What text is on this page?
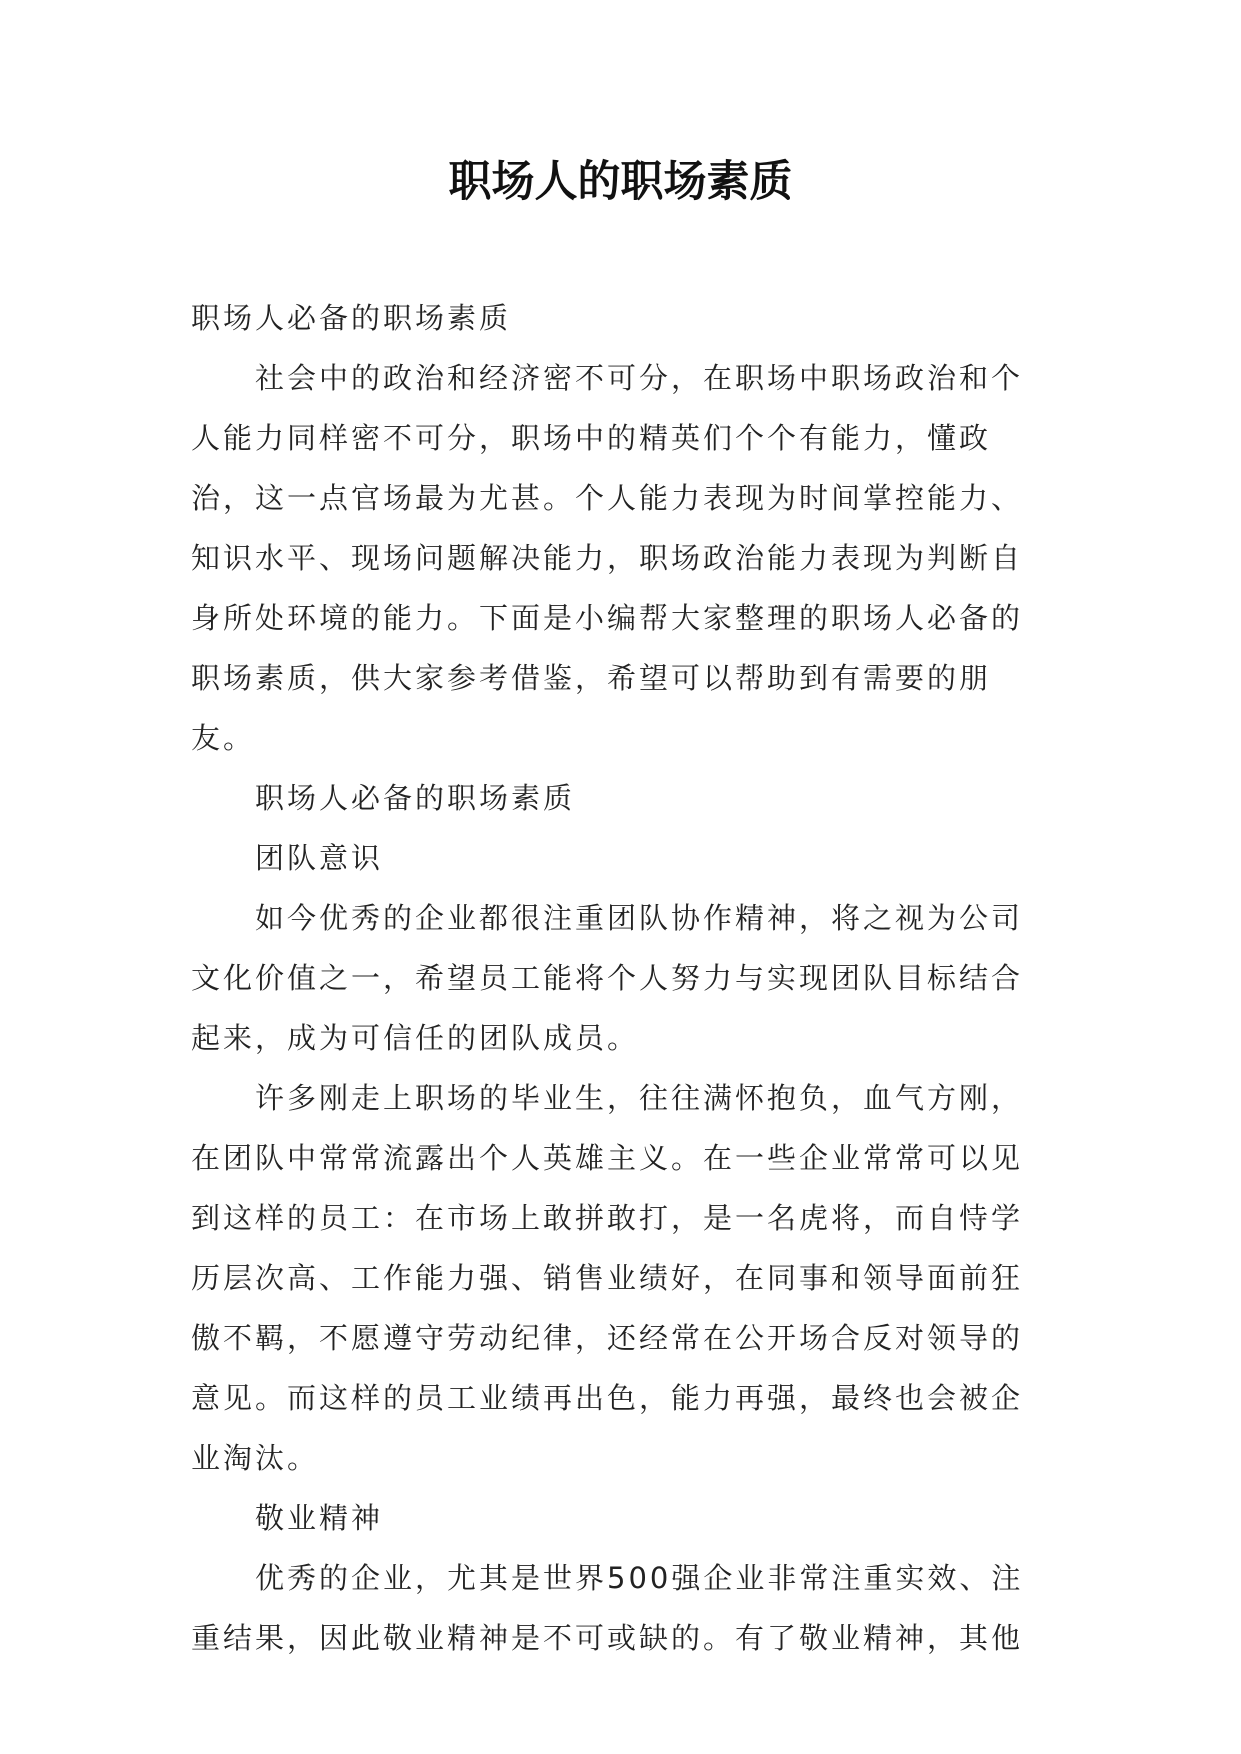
职场人的职场素质

职场人必备的职场素质

社会中的政治和经济密不可分，在职场中职场政治和个人能力同样密不可分，职场中的精英们个个有能力，懂政治，这一点官场最为尤甚。个人能力表现为时间掌控能力、知识水平、现场问题解决能力，职场政治能力表现为判断自身所处环境的能力。下面是小编帮大家整理的职场人必备的职场素质，供大家参考借鉴，希望可以帮助到有需要的朋友。

职场人必备的职场素质

团队意识

如今优秀的企业都很注重团队协作精神，将之视为公司文化价值之一，希望员工能将个人努力与实现团队目标结合起来，成为可信任的团队成员。

许多刚走上职场的毕业生，往往满怀抱负，血气方刚，在团队中常常流露出个人英雄主义。在一些企业常常可以见到这样的员工：在市场上敢拼敢打，是一名虎将，而自恃学历层次高、工作能力强、销售业绩好，在同事和领导面前狂傲不羁，不愿遵守劳动纪律，还经常在公开场合反对领导的意见。而这样的员工业绩再出色，能力再强，最终也会被企业淘汰。

敬业精神

优秀的企业，尤其是世界500强企业非常注重实效、注重结果，因此敬业精神是不可或缺的。有了敬业精神，其他
